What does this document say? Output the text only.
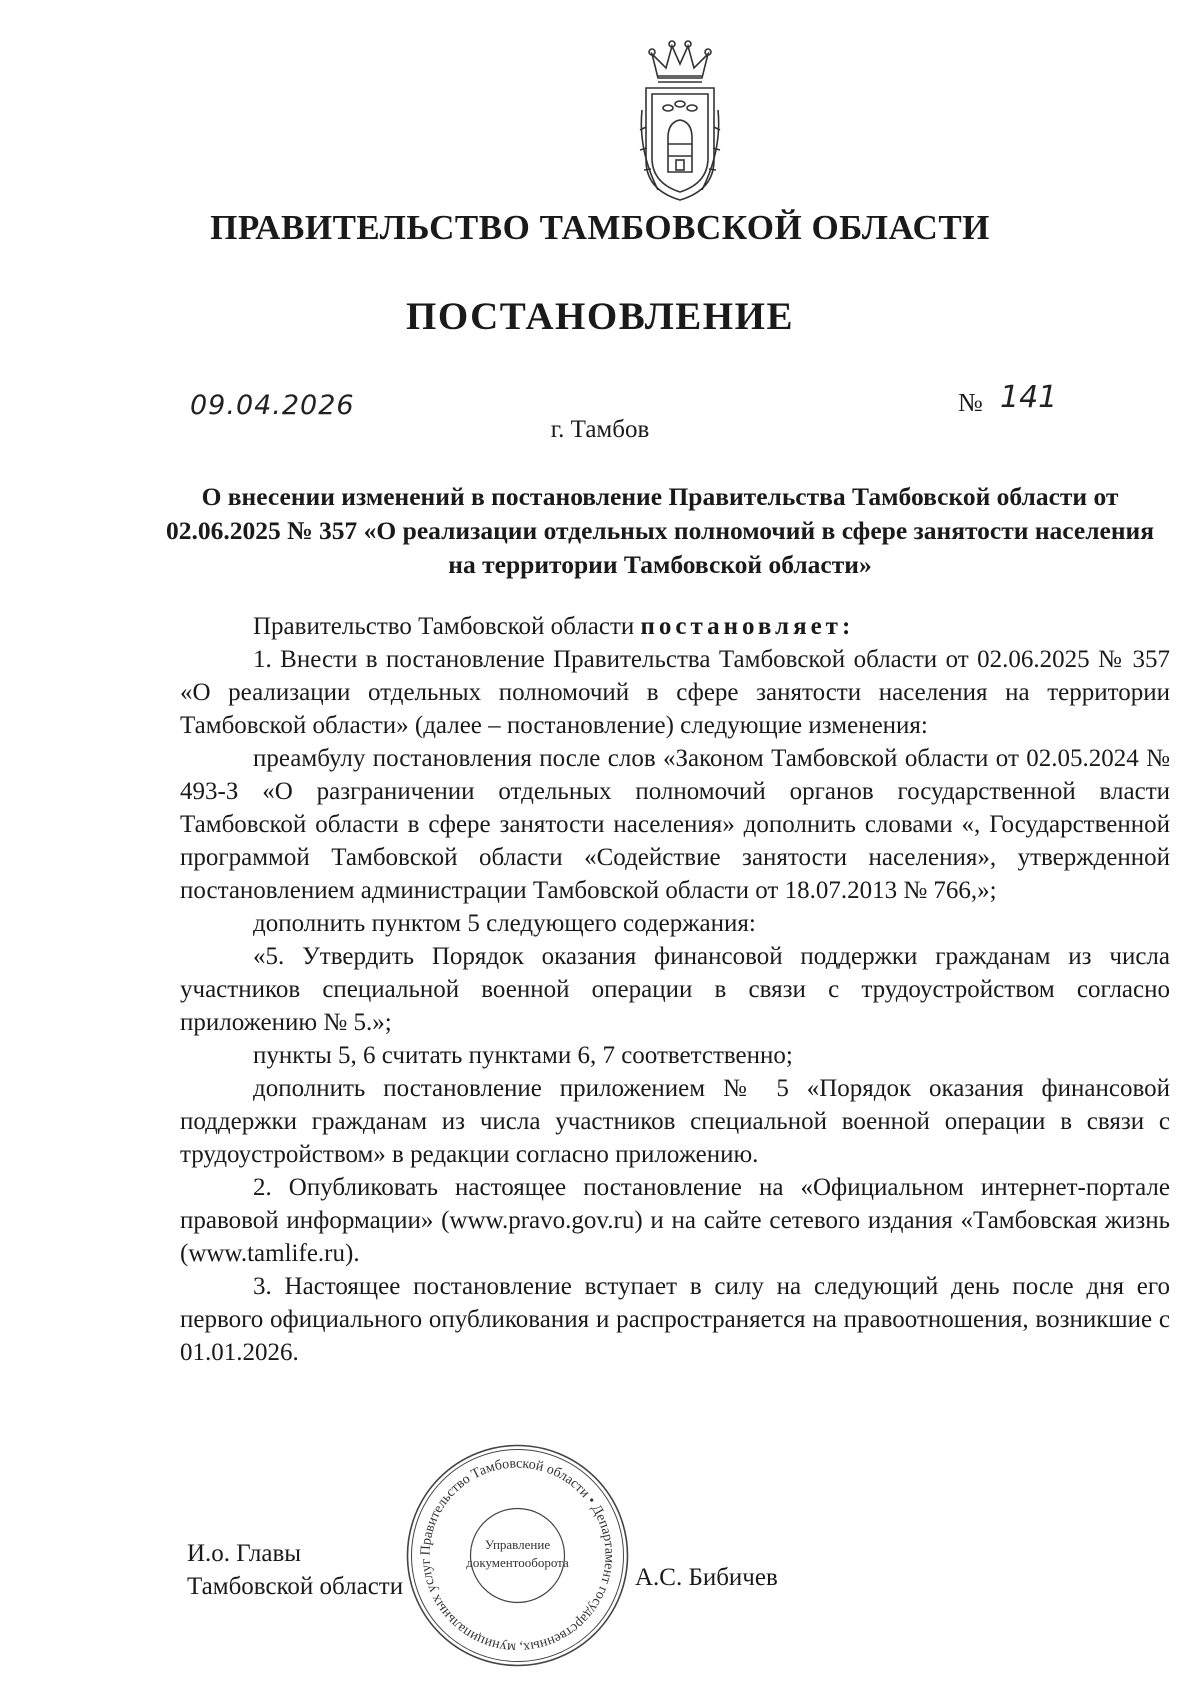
ПРАВИТЕЛЬСТВО ТАМБОВСКОЙ ОБЛАСТИ
ПОСТАНОВЛЕНИЕ
09.04.2026	№ 141
г. Тамбов
О внесении изменений в постановление Правительства Тамбовской области от 02.06.2025 № 357 «О реализации отдельных полномочий в сфере занятости населения на территории Тамбовской области»

Правительство Тамбовской области постановляет:

1. Внести в постановление Правительства Тамбовской области от 02.06.2025 № 357 «О реализации отдельных полномочий в сфере занятости населения на территории Тамбовской области» (далее – постановление) следующие изменения:

преамбулу постановления после слов «Законом Тамбовской области от 02.05.2024 № 493-З «О разграничении отдельных полномочий органов государственной власти Тамбовской области в сфере занятости населения» дополнить словами «, Государственной программой Тамбовской области «Содействие занятости населения», утвержденной постановлением администрации Тамбовской области от 18.07.2013 № 766,»;

дополнить пунктом 5 следующего содержания:

«5. Утвердить Порядок оказания финансовой поддержки гражданам из числа участников специальной военной операции в связи с трудоустройством согласно приложению № 5.»;

пункты 5, 6 считать пунктами 6, 7 соответственно;

дополнить постановление приложением № 5 «Порядок оказания финансовой поддержки гражданам из числа участников специальной военной операции в связи с трудоустройством» в редакции согласно приложению.

2. Опубликовать настоящее постановление на «Официальном интернет-портале правовой информации» (www.pravo.gov.ru) и на сайте сетевого издания «Тамбовская жизнь (www.tamlife.ru).

3. Настоящее постановление вступает в силу на следующий день после дня его первого официального опубликования и распространяется на правоотношения, возникшие с 01.01.2026.

И.о. Главы
Тамбовской области	А.С. Бибичев
Правительство Тамбовской области • Департамент государственных, муниципальных услуг
Управление
документооборота
